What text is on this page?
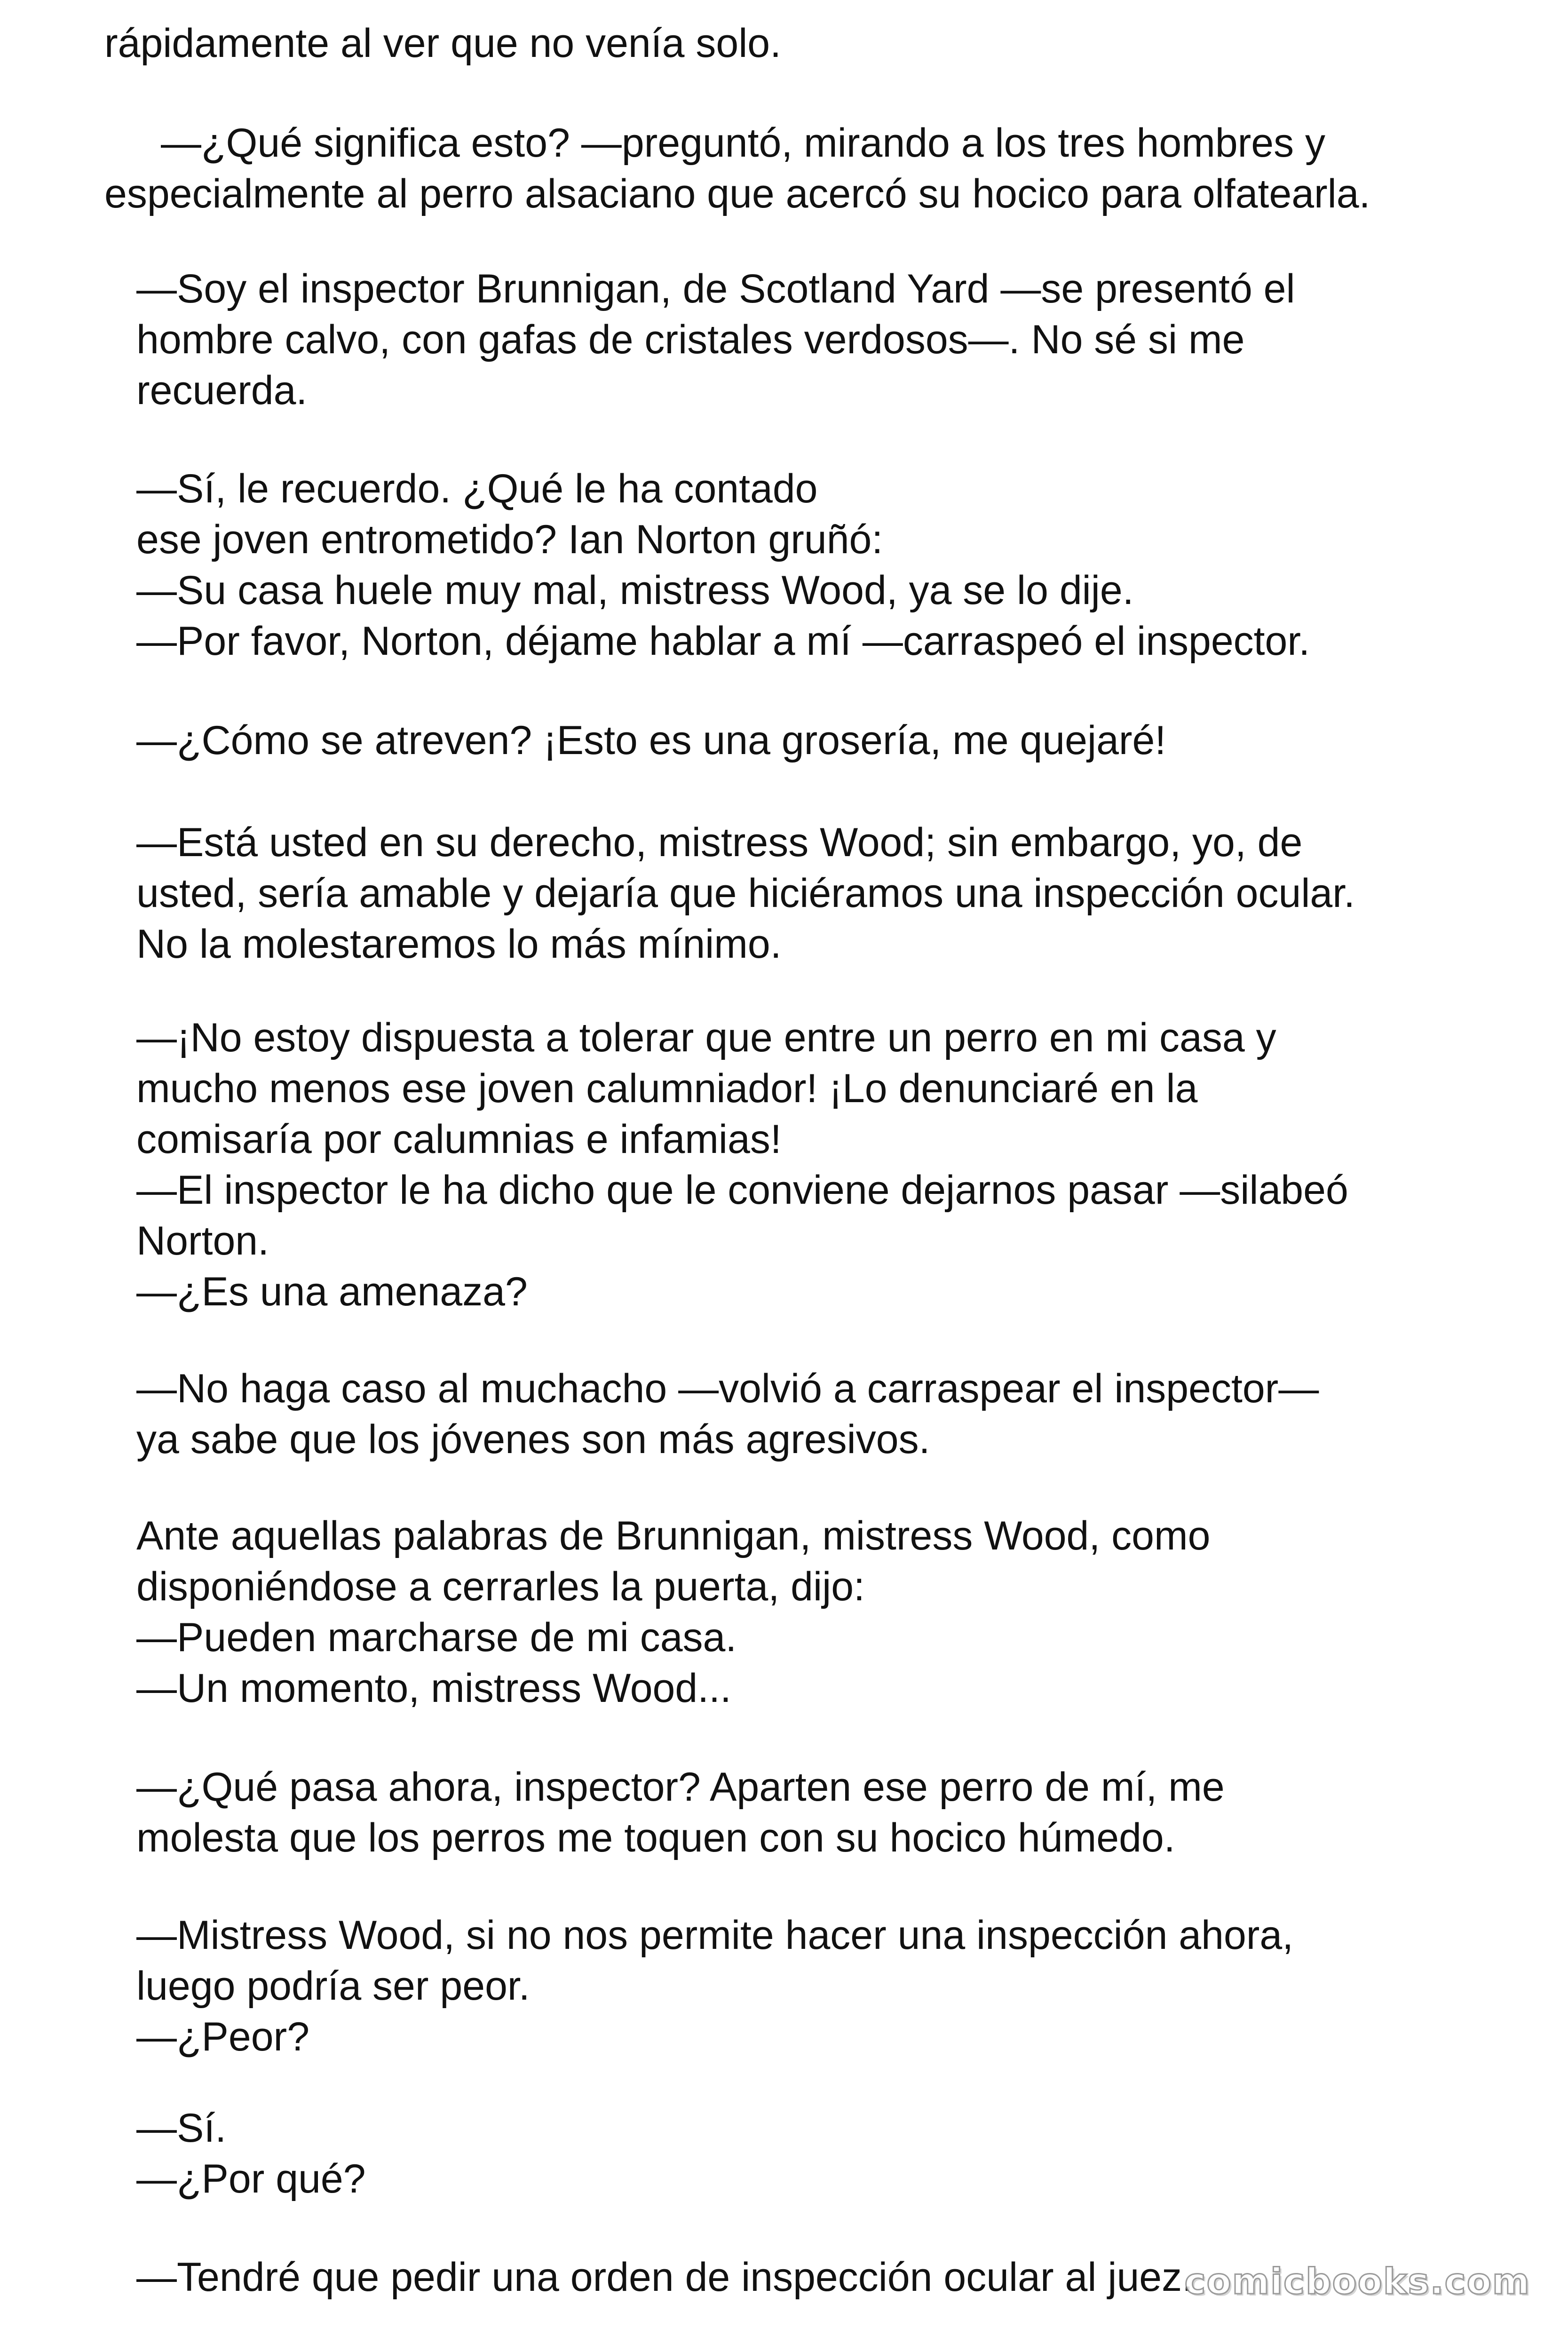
rápidamente al ver que no venía solo.

—¿Qué significa esto? —preguntó, mirando a los tres hombres y
especialmente al perro alsaciano que acercó su hocico para olfatearla.

—Soy el inspector Brunnigan, de Scotland Yard —se presentó el
hombre calvo, con gafas de cristales verdosos—. No sé si me
recuerda.

—Sí, le recuerdo. ¿Qué le ha contado
ese joven entrometido? Ian Norton gruñó:
—Su casa huele muy mal, mistress Wood, ya se lo dije.
—Por favor, Norton, déjame hablar a mí —carraspeó el inspector.

—¿Cómo se atreven? ¡Esto es una grosería, me quejaré!

—Está usted en su derecho, mistress Wood; sin embargo, yo, de
usted, sería amable y dejaría que hiciéramos una inspección ocular.
No la molestaremos lo más mínimo.

—¡No estoy dispuesta a tolerar que entre un perro en mi casa y
mucho menos ese joven calumniador! ¡Lo denunciaré en la
comisaría por calumnias e infamias!
—El inspector le ha dicho que le conviene dejarnos pasar —silabeó
Norton.
—¿Es una amenaza?

—No haga caso al muchacho —volvió a carraspear el inspector—
ya sabe que los jóvenes son más agresivos.

Ante aquellas palabras de Brunnigan, mistress Wood, como
disponiéndose a cerrarles la puerta, dijo:
—Pueden marcharse de mi casa.
—Un momento, mistress Wood...

—¿Qué pasa ahora, inspector? Aparten ese perro de mí, me
molesta que los perros me toquen con su hocico húmedo.

—Mistress Wood, si no nos permite hacer una inspección ahora,
luego podría ser peor.
—¿Peor?

—Sí.
—¿Por qué?

—Tendré que pedir una orden de inspección ocular al juez.

comicbooks.com
